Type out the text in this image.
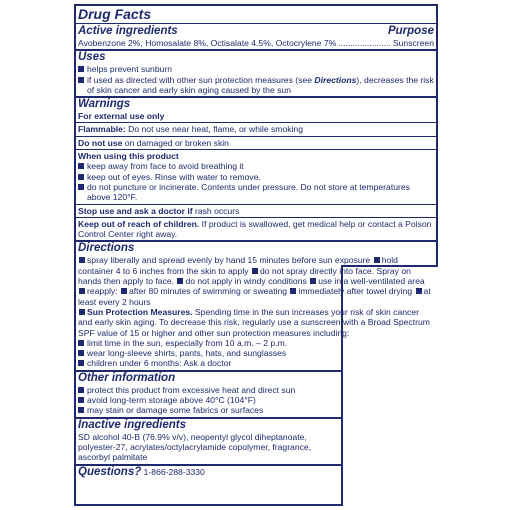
Drug Facts
Active ingredients	Purpose
Avobenzone 2%, Homosalate 8%, Octisalate 4.5%, Octocrylene 7%
.....	Sunscreen
Uses
helps prevent sunburn
if used as directed with other sun protection measures (see Directions), decreases the risk of skin cancer and early skin aging caused by the sun
Warnings
For external use only

Flammable: Do not use near heat, flame, or while smoking

Do not use on damaged or broken skin

When using this product
keep away from face to avoid breathing it
keep out of eyes. Rinse with water to remove.
do not puncture or incinerate. Contents under pressure. Do not store at temperatures above 120°F.

Stop use and ask a doctor if rash occurs

Keep out of reach of children. If product is swallowed, get medical help or contact a Poison Control Center right away.

Directions

spray liberally and spread evenly by hand 15 minutes before sun exposure hold container 4 to 6 inches from the skin to apply do not spray directly into face. Spray on hands then apply to face. do not apply in windy conditions use in a well-ventilated area reapply: after 80 minutes of swimming or sweating immediately after towel drying at least every 2 hours

Sun Protection Measures. Spending time in the sun increases your risk of skin cancer and early skin aging. To decrease this risk, regularly use a sunscreen with a Broad Spectrum SPF value of 15 or higher and other sun protection measures including:

limit time in the sun, especially from 10 a.m. – 2 p.m.
wear long-sleeve shirts, pants, hats, and sunglasses
children under 6 months: Ask a doctor
Other information
protect this product from excessive heat and direct sun
avoid long-term storage above 40°C (104°F)
may stain or damage some fabrics or surfaces
Inactive ingredients

SD alcohol 40-B (76.9% v/v), neopentyl glycol diheptanoate, polyester-27, acrylates/octylacrylamide copolymer, fragrance, ascorbyl palmitate

Questions? 1-866-288-3330
